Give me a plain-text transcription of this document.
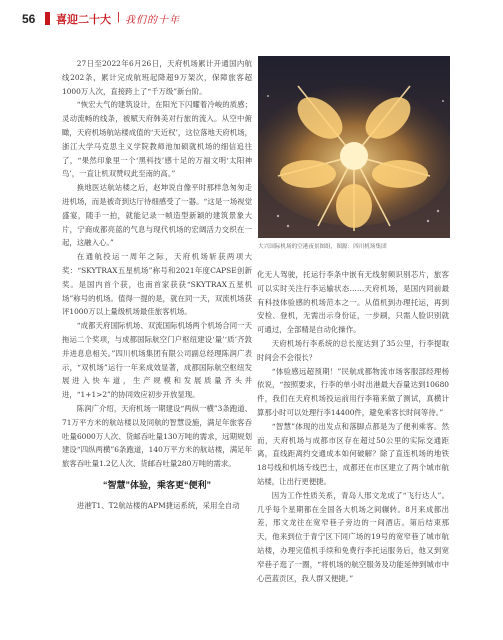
56 喜迎二十大 | 我们的十年

27日至2022年6月26日，天府机场累计开通国内航线202条，累计完成航班起降超9万架次，保障旅客超1000万人次，直接跨上了“千万级”新台阶。

“恢宏大气的建筑设计，在阳光下闪耀着冷峻的质感；灵动流畅的线条，被赋天府韩美对行旅的流入。从空中俯瞰，天府机场航站楼成值的‘天近权’，这位落地天府机场，浙江大学马克思主义学院教师池加硕就机场的细信追往了，“果然印象里一个‘黑科技’感十足的万福文明‘太阳神鸟’，一直让机双赞叹此至南的高。”

换地医达航站楼之后，赵坤说自像平时那样急匆匆走进机场，而是被奇到达厅待细感受了一器。“这是一场视觉盛宴，随手一拍，就能记录一帧造型新颖的建筑景象大片，宁商成都亮蓝的气息与现代机场的宏阔活力交织在一起，这融入心。”

在通航投运一周年之际，天府机场斩获两项大奖：“SKYTRAX五星机场”称号和2021年度CAPSE创新奖。是国内首个获，也南首家获获“SKYTRAX五星机场”称号的机场。值得一提的是，就在同一天，双流机场获评1000万以上量级机场最佳旅客机场。

“成都天府国际机场、双流国际机场两个机场合同一天拖运二个奖项，与成都国际航空门户枢纽建设‘量’‘质’齐敦并进息息相关。”四川机场集团有限公司副总经理陈润广表示，“双机场”运行一年来成效显著，成都国际航空枢纽发展进入快车道，生产规模和发展质量齐头并进，“1+1>2”的协同效应初步开放显现。

陈润广介绍，天府机场一期建设“两纵一横”3条跑道、71万平方米的航站楼以及同航的智慧设施，满足年旅客吞吐量6000万人次、货邮吞吐量130万吨的需求，远期规划建设“四纵两横”6条跑道，140万平方米的航站楼，满足年旅客吞吐量1.2亿人次、货邮吞吐量280万吨的需求。

“智慧”体验，乘客更“便利”

进港T1、T2航站楼的APM捷运系统，采用全自动

大兴国际机场的空港夜景图组，图源：四川机场集团

化无人驾驶，托运行李条中嵌有无线射频识别芯片，旅客可以实时关注行李运输状态……天府机场，是国内同前最有科技体验感的机场范本之一。从值机到办理托运，再到安检、登机，无需出示身份证，一步刷，只需人脸识别就可通过，全部精是自动化操作。

天府机场行李系统的总长度达到了35公里，行李提取时间会不会很长？

“体验感远超预期！”民航成都物流市场客服部经理杨依说，“按照要求，行李的单小时出港最大吞量达到10680件，我们在天府机场投运前用行李箱来做了测试，真横计算那小时可以处理行李14400件，避免乘客长时间等待。”

“智慧”体现的出发点和落脚点都是为了便利乘客。然而，天府机场与成都市区存在超过50公里的实际交通距离，直线距离约交通成本如何破解？除了直连机场的地铁18号线和机场专线巴士，成都还在市区建立了两个城市航站楼，让出行更便捷。

因为工作性质关系，青岛人邢文龙成了“飞行达人”。几乎每个星期都在全国各大机场之间辗转。8月来成都出差，邢文龙往在宽窄巷子旁边的一间酒店。第后结束那天，他来到位于青宁区下同广场的19号的宽窄巷了城市航站楼，办理完值机手续和免费行李托运服务后，他又到宽窄巷子逛了一圈，“将机场的航空服务及功能延伸到城市中心芭蓝贡区，我人群又便捷。”
